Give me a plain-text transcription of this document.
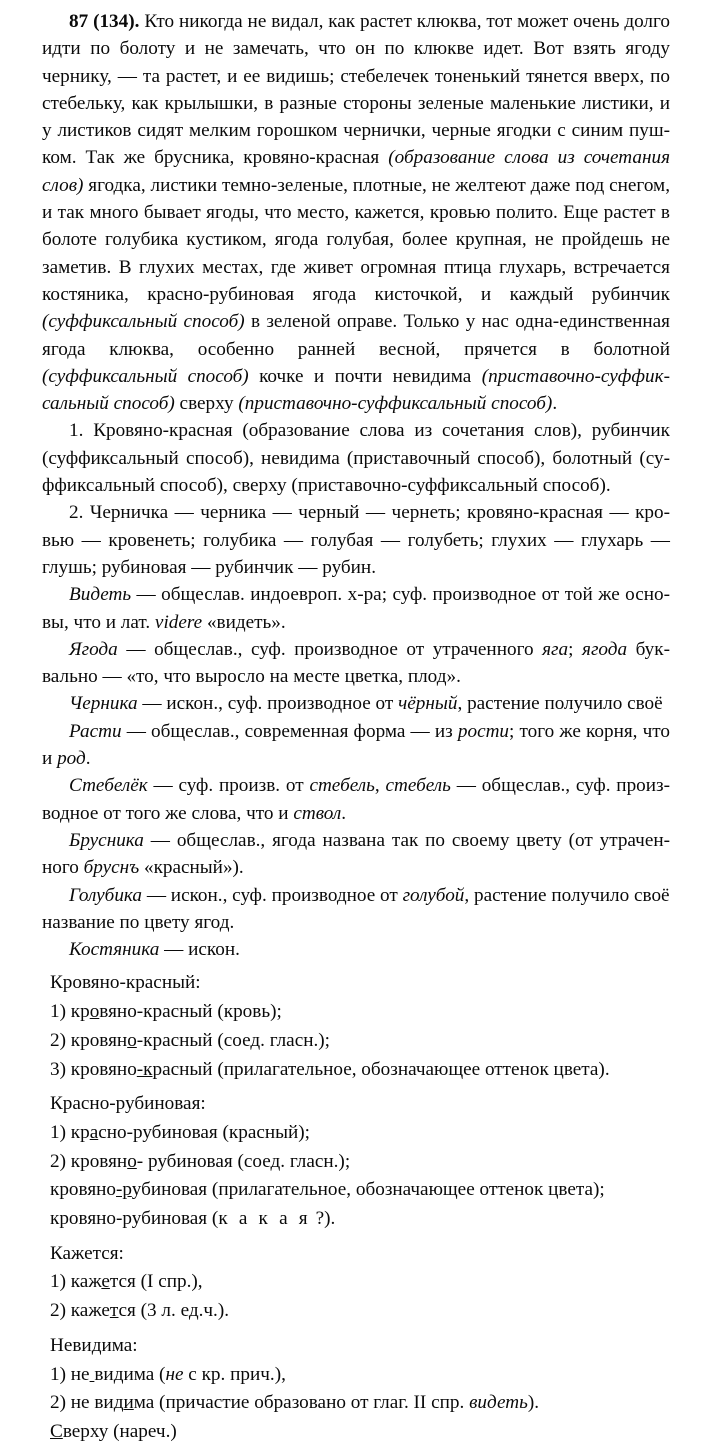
87 (134). Кто никогда не видал, как растет клюква, тот может очень долго идти по болоту и не замечать, что он по клюкве идет. Вот взять ягоду чернику, — та растет, и ее видишь; стебелечек тоненький тянется вверх, по стебельку, как крылышки, в разные стороны зеленые маленькие листики, и у листиков сидят мелким горошком чернички, черные ягодки с синим пушком. Так же брусника, кровяно-красная (образование слова из сочетания слов) ягодка, листики темно-зеленые, плотные, не желтеют даже под снегом, и так много бывает ягоды, что место, кажется, кровью полито. Еще растет в болоте голубика кустиком, ягода голубая, более крупная, не пройдешь не заметив. В глухих местах, где живет огромная птица глухарь, встречается костяника, красно-рубиновая ягода кисточкой, и каждый рубинчик (суффиксальный способ) в зеленой оправе. Только у нас одна-единственная ягода клюква, особенно ранней весной, прячется в болотной (суффиксальный способ) кочке и почти невидима (приставочно-суффиксальный способ) сверху (приставочно-суффиксальный способ).

1. Кровяно-красная (образование слова из сочетания слов), рубинчик (суффиксальный способ), невидима (приставочный способ), болотный (суффиксальный способ), сверху (приставочно-суффиксальный способ).

2. Черничка — черника — черный — чернеть; кровяно-красная — кровью — кровенеть; голубика — голубая — голубеть; глухих — глухарь — глушь; рубиновая — рубинчик — рубин.

Видеть — общеслав. индоевроп. х-ра; суф. производное от той же основы, что и лат. videre «видеть».

Ягода — общеслав., суф. производное от утраченного яга; ягода буквально — «то, что выросло на месте цветка, плод».

Черника — искон., суф. производное от чёрный, растение получило своё

Расти — общеслав., современная форма — из рости; того же корня, что и род.

Стебелёк — суф. произв. от стебель, стебель — общеслав., суф. производное от того же слова, что и ствол.

Брусника — общеслав., ягода названа так по своему цвету (от утраченного бруснъ «красный»).

Голубика — искон., суф. производное от голубой, растение получило своё название по цвету ягод.

Костяника — искон.

Кровяно-красный:

1) кровяно-красный (кровь);

2) кровяно-красный (соед. гласн.);

3) кровяно-красный (прилагательное, обозначающее оттенок цвета).

Красно-рубиновая:

1) красно-рубиновая (красный);

2) кровяно- рубиновая (соед. гласн.);

кровяно-рубиновая (прилагательное, обозначающее оттенок цвета);

кровяно-рубиновая (к а к а я ?).

Кажется:

1) кажется (I спр.),

2) кажется (3 л. ед.ч.).

Невидима:

1) не видима (не с кр. прич.),

2) не видима (причастие образовано от глаг. II спр. видеть).

Сверху (нареч.)
